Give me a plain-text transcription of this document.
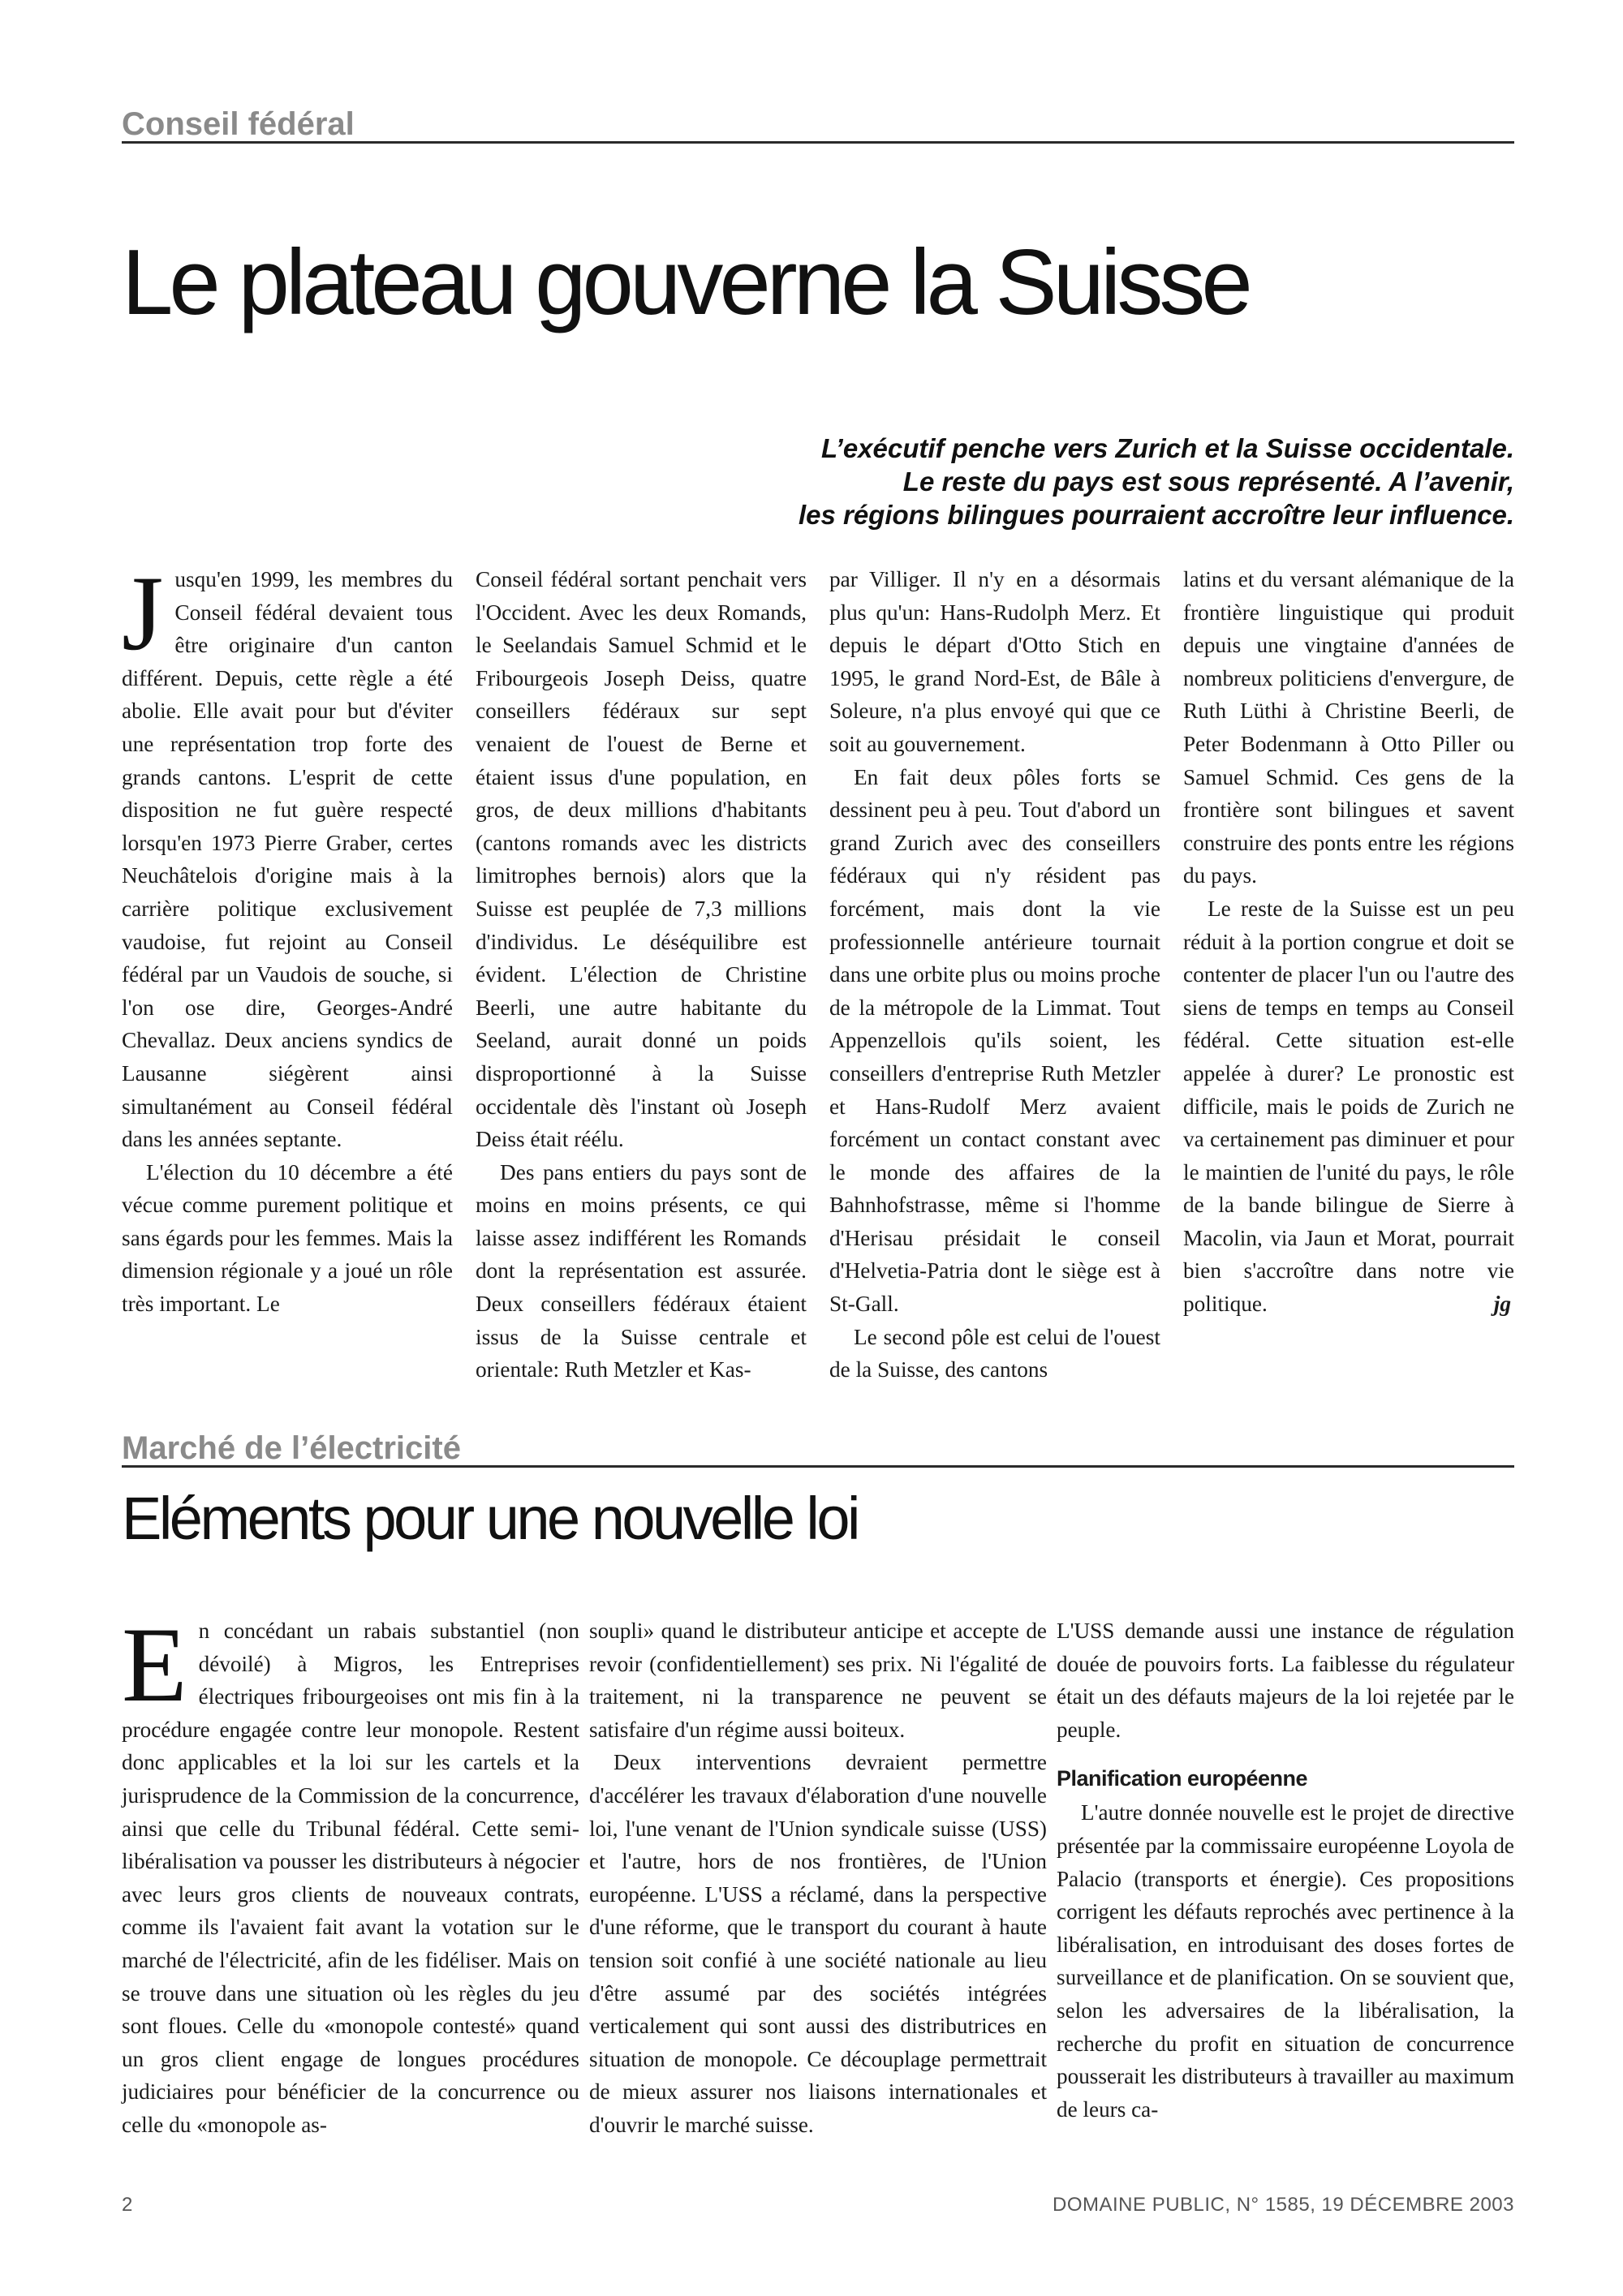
Conseil fédéral
Le plateau gouverne la Suisse
L’exécutif penche vers Zurich et la Suisse occidentale.
Le reste du pays est sous représenté. A l’avenir,
les régions bilingues pourraient accroître leur influence.

Jusqu'en 1999, les membres du Conseil fédéral devaient tous être originaire d'un canton différent. Depuis, cette règle a été abolie. Elle avait pour but d'éviter une représentation trop forte des grands cantons. L'esprit de cette disposition ne fut guère respecté lorsqu'en 1973 Pierre Graber, certes Neuchâtelois d'origine mais à la carrière politique exclusivement vaudoise, fut rejoint au Conseil fédéral par un Vaudois de souche, si l'on ose dire, Georges-André Chevallaz. Deux anciens syndics de Lausanne siégèrent ainsi simultanément au Conseil fédéral dans les années septante.

L'élection du 10 décembre a été vécue comme purement politique et sans égards pour les femmes. Mais la dimension régionale y a joué un rôle très important. Le

Conseil fédéral sortant penchait vers l'Occident. Avec les deux Romands, le Seelandais Samuel Schmid et le Fribourgeois Joseph Deiss, quatre conseillers fédéraux sur sept venaient de l'ouest de Berne et étaient issus d'une population, en gros, de deux millions d'habitants (cantons romands avec les districts limitrophes bernois) alors que la Suisse est peuplée de 7,3 millions d'individus. Le déséquilibre est évident. L'élection de Christine Beerli, une autre habitante du Seeland, aurait donné un poids disproportionné à la Suisse occidentale dès l'instant où Joseph Deiss était réélu.

Des pans entiers du pays sont de moins en moins présents, ce qui laisse assez indifférent les Romands dont la représentation est assurée. Deux conseillers fédéraux étaient issus de la Suisse centrale et orientale: Ruth Metzler et Kas-

par Villiger. Il n'y en a désormais plus qu'un: Hans-Rudolph Merz. Et depuis le départ d'Otto Stich en 1995, le grand Nord-Est, de Bâle à Soleure, n'a plus envoyé qui que ce soit au gouvernement.

En fait deux pôles forts se dessinent peu à peu. Tout d'abord un grand Zurich avec des conseillers fédéraux qui n'y résident pas forcément, mais dont la vie professionnelle antérieure tournait dans une orbite plus ou moins proche de la métropole de la Limmat. Tout Appenzellois qu'ils soient, les conseillers d'entreprise Ruth Metzler et Hans-Rudolf Merz avaient forcément un contact constant avec le monde des affaires de la Bahnhofstrasse, même si l'homme d'Herisau présidait le conseil d'Helvetia-Patria dont le siège est à St-Gall.

Le second pôle est celui de l'ouest de la Suisse, des cantons

latins et du versant alémanique de la frontière linguistique qui produit depuis une vingtaine d'années de nombreux politiciens d'envergure, de Ruth Lüthi à Christine Beerli, de Peter Bodenmann à Otto Piller ou Samuel Schmid. Ces gens de la frontière sont bilingues et savent construire des ponts entre les régions du pays.

Le reste de la Suisse est un peu réduit à la portion congrue et doit se contenter de placer l'un ou l'autre des siens de temps en temps au Conseil fédéral. Cette situation est-elle appelée à durer? Le pronostic est difficile, mais le poids de Zurich ne va certainement pas diminuer et pour le maintien de l'unité du pays, le rôle de la bande bilingue de Sierre à Macolin, via Jaun et Morat, pourrait bien s'accroître dans notre vie politique.	jg

Marché de l’électricité
Eléments pour une nouvelle loi

En concédant un rabais substantiel (non dévoilé) à Migros, les Entreprises électriques fribourgeoises ont mis fin à la procédure engagée contre leur monopole. Restent donc applicables et la loi sur les cartels et la jurisprudence de la Commission de la concurrence, ainsi que celle du Tribunal fédéral. Cette semi-libéralisation va pousser les distributeurs à négocier avec leurs gros clients de nouveaux contrats, comme ils l'avaient fait avant la votation sur le marché de l'électricité, afin de les fidéliser. Mais on se trouve dans une situation où les règles du jeu sont floues. Celle du «monopole contesté» quand un gros client engage de longues procédures judiciaires pour bénéficier de la concurrence ou celle du «monopole as-

soupli» quand le distributeur anticipe et accepte de revoir (confidentiellement) ses prix. Ni l'égalité de traitement, ni la transparence ne peuvent se satisfaire d'un régime aussi boiteux.

Deux interventions devraient permettre d'accélérer les travaux d'élaboration d'une nouvelle loi, l'une venant de l'Union syndicale suisse (USS) et l'autre, hors de nos frontières, de l'Union européenne. L'USS a réclamé, dans la perspective d'une réforme, que le transport du courant à haute tension soit confié à une société nationale au lieu d'être assumé par des sociétés intégrées verticalement qui sont aussi des distributrices en situation de monopole. Ce découplage permettrait de mieux assurer nos liaisons internationales et d'ouvrir le marché suisse.

L'USS demande aussi une instance de régulation douée de pouvoirs forts. La faiblesse du régulateur était un des défauts majeurs de la loi rejetée par le peuple.

Planification européenne

L'autre donnée nouvelle est le projet de directive présentée par la commissaire européenne Loyola de Palacio (transports et énergie). Ces propositions corrigent les défauts reprochés avec pertinence à la libéralisation, en introduisant des doses fortes de surveillance et de planification. On se souvient que, selon les adversaires de la libéralisation, la recherche du profit en situation de concurrence pousserait les distributeurs à travailler au maximum de leurs ca-

2	DOMAINE PUBLIC, N° 1585, 19 DÉCEMBRE 2003
